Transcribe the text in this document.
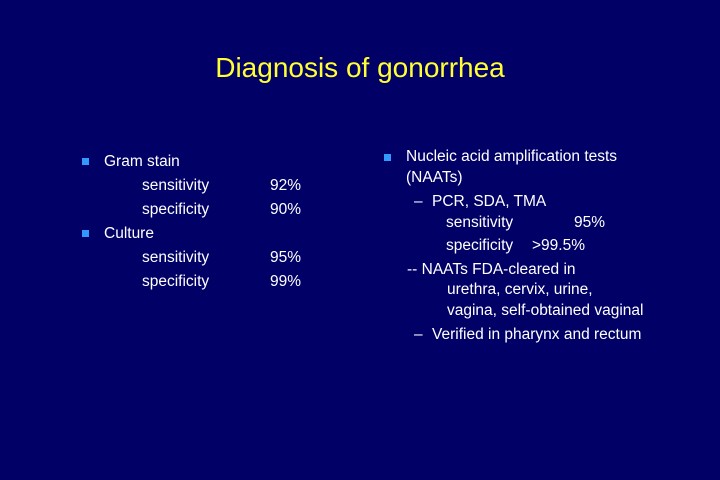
Diagnosis of gonorrhea
Gram stain
sensitivity	92%
specificity	90%
Culture
sensitivity	95%
specificity	99%
Nucleic acid amplification tests
(NAATs)
– PCR, SDA, TMA
sensitivity	95%
specificity >99.5%
-- NAATs FDA-cleared in
urethra, cervix, urine,
vagina, self-obtained vaginal
– Verified in pharynx and rectum
